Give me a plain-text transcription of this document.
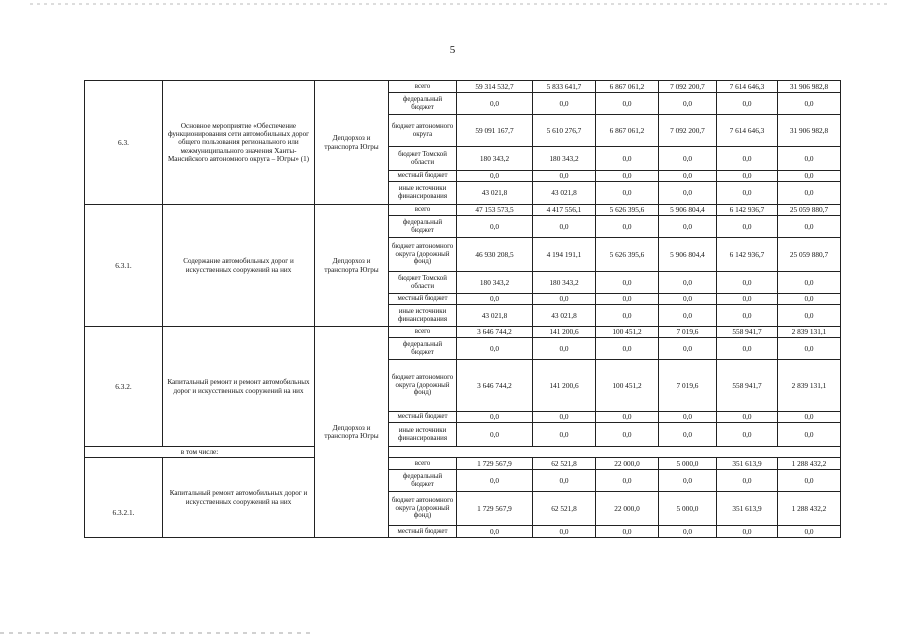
5
6.3.	Основное мероприятие «Обеспечение функционирования сети автомобильных дорог общего пользования регионального или межмуниципального значения Ханты-Мансийского автономного округа – Югры» (1)	Депдорхоз и транспорта Югры	всего	59 314 532,7	5 833 641,7	6 867 061,2	7 092 200,7	7 614 646,3	31 906 982,8
			федеральный бюджет	0,0	0,0	0,0	0,0	0,0	0,0
			бюджет автономного округа	59 091 167,7	5 610 276,7	6 867 061,2	7 092 200,7	7 614 646,3	31 906 982,8
			бюджет Томской области	180 343,2	180 343,2	0,0	0,0	0,0	0,0
			местный бюджет	0,0	0,0	0,0	0,0	0,0	0,0
			иные источники финансирования	43 021,8	43 021,8	0,0	0,0	0,0	0,0
6.3.1.	Содержание автомобильных дорог и искусственных сооружений на них	Депдорхоз и транспорта Югры	всего	47 153 573,5	4 417 556,1	5 626 395,6	5 906 804,4	6 142 936,7	25 059 880,7
			федеральный бюджет	0,0	0,0	0,0	0,0	0,0	0,0
			бюджет автономного округа (дорожный фонд)	46 930 208,5	4 194 191,1	5 626 395,6	5 906 804,4	6 142 936,7	25 059 880,7
			бюджет Томской области	180 343,2	180 343,2	0,0	0,0	0,0	0,0
			местный бюджет	0,0	0,0	0,0	0,0	0,0	0,0
			иные источники финансирования	43 021,8	43 021,8	0,0	0,0	0,0	0,0
6.3.2.	Капитальный ремонт и ремонт автомобильных дорог и искусственных сооружений на них	Депдорхоз и транспорта Югры	всего	3 646 744,2	141 200,6	100 451,2	7 019,6	558 941,7	2 839 131,1
			федеральный бюджет	0,0	0,0	0,0	0,0	0,0	0,0
			бюджет автономного округа (дорожный фонд)	3 646 744,2	141 200,6	100 451,2	7 019,6	558 941,7	2 839 131,1
			местный бюджет	0,0	0,0	0,0	0,0	0,0	0,0
			иные источники финансирования	0,0	0,0	0,0	0,0	0,0	0,0
в том числе:									
6.3.2.1.	Капитальный ремонт автомобильных дорог и искусственных сооружений на них		всего	1 729 567,9	62 521,8	22 000,0	5 000,0	351 613,9	1 288 432,2
			федеральный бюджет	0,0	0,0	0,0	0,0	0,0	0,0
			бюджет автономного округа (дорожный фонд)	1 729 567,9	62 521,8	22 000,0	5 000,0	351 613,9	1 288 432,2
			местный бюджет	0,0	0,0	0,0	0,0	0,0	0,0
